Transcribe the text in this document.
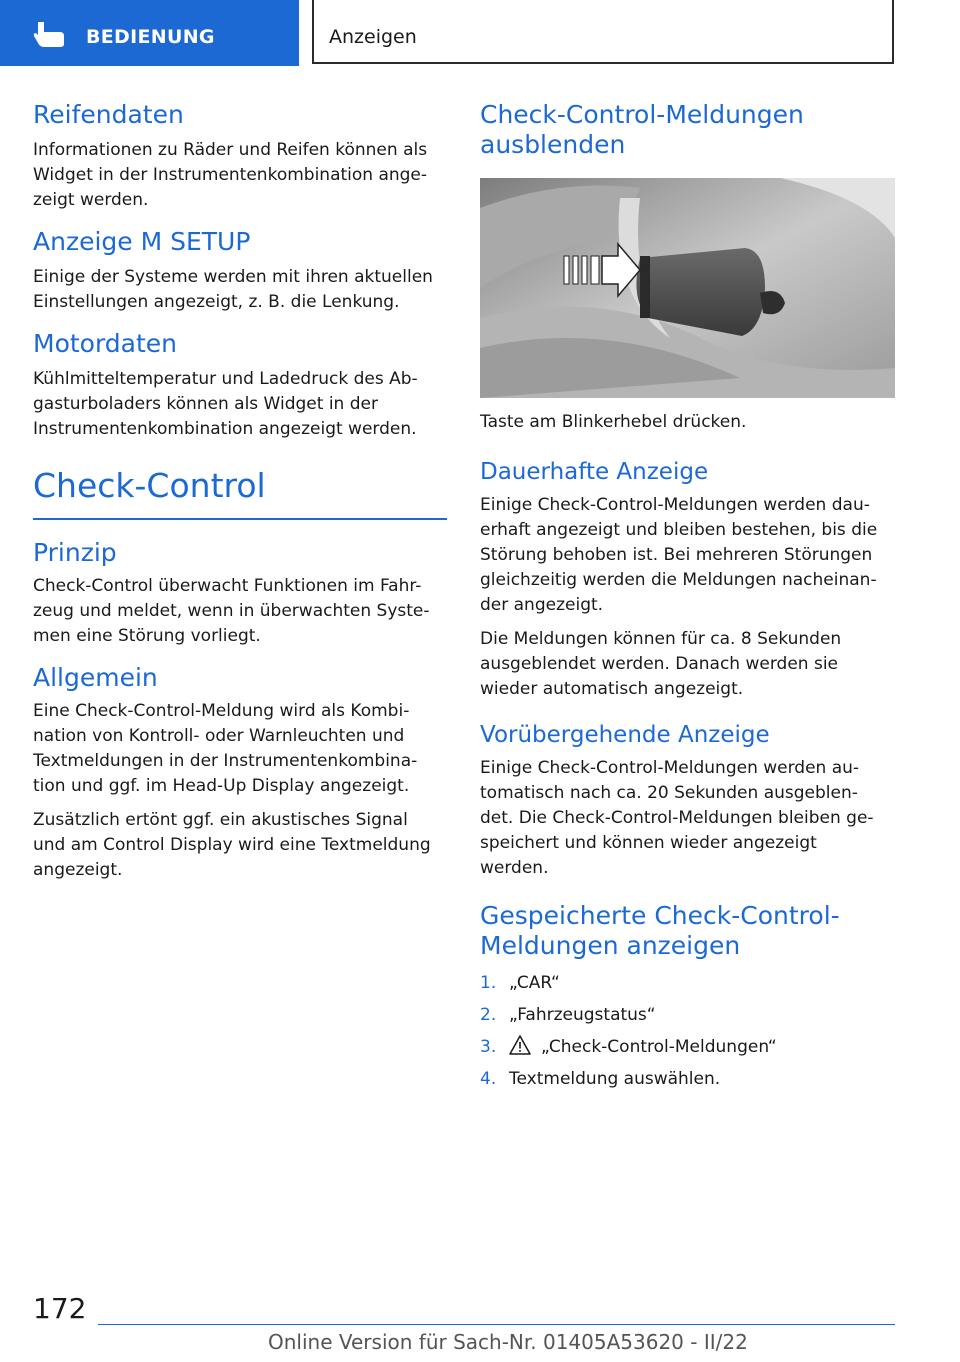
BEDIENUNG	Anzeigen
Reifendaten

Informationen zu Räder und Reifen können als

Widget in der Instrumentenkombination ange-

zeigt werden.

Anzeige M SETUP

Einige der Systeme werden mit ihren aktuellen

Einstellungen angezeigt, z. B. die Lenkung.

Motordaten

Kühlmitteltemperatur und Ladedruck des Ab-

gasturboladers können als Widget in der

Instrumentenkombination angezeigt werden.

Check-Control
Prinzip

Check-Control überwacht Funktionen im Fahr-

zeug und meldet, wenn in überwachten Syste-

men eine Störung vorliegt.

Allgemein

Eine Check-Control-Meldung wird als Kombi-

nation von Kontroll- oder Warnleuchten und

Textmeldungen in der Instrumentenkombina-

tion und ggf. im Head-Up Display angezeigt.

Zusätzlich ertönt ggf. ein akustisches Signal

und am Control Display wird eine Textmeldung

angezeigt.

Check-Control-Meldungen
ausblenden

Taste am Blinkerhebel drücken.

Dauerhafte Anzeige

Einige Check-Control-Meldungen werden dau-

erhaft angezeigt und bleiben bestehen, bis die

Störung behoben ist. Bei mehreren Störungen

gleichzeitig werden die Meldungen nacheinan-

der angezeigt.

Die Meldungen können für ca. 8 Sekunden

ausgeblendet werden. Danach werden sie

wieder automatisch angezeigt.

Vorübergehende Anzeige

Einige Check-Control-Meldungen werden au-

tomatisch nach ca. 20 Sekunden ausgeblen-

det. Die Check-Control-Meldungen bleiben ge-

speichert und können wieder angezeigt

werden.

Gespeicherte Check-Control-
Meldungen anzeigen
1. „CAR“
2. „Fahrzeugstatus“
3.	„Check-Control-Meldungen“
4. Textmeldung auswählen.
172
Online Version für Sach-Nr. 01405A53620 - II/22
